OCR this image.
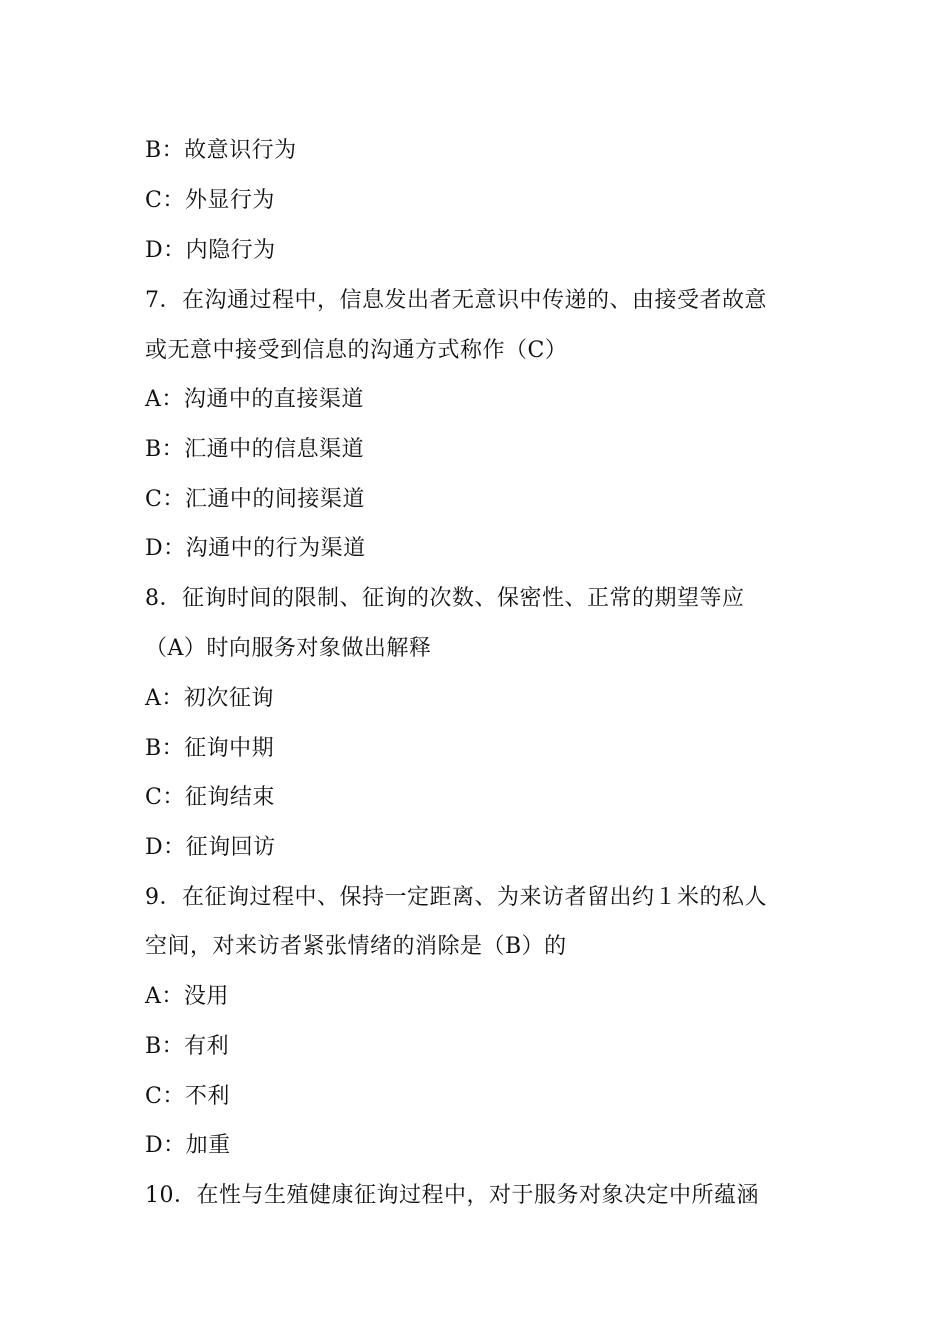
B：故意识行为
C：外显行为
D：内隐行为
7．在沟通过程中，信息发出者无意识中传递的、由接受者故意
或无意中接受到信息的沟通方式称作（C）
A：沟通中的直接渠道
B：汇通中的信息渠道
C：汇通中的间接渠道
D：沟通中的行为渠道
8．征询时间的限制、征询的次数、保密性、正常的期望等应
（A）时向服务对象做出解释
A：初次征询
B：征询中期
C：征询结束
D：征询回访
9．在征询过程中、保持一定距离、为来访者留出约１米的私人
空间，对来访者紧张情绪的消除是（B）的
A：没用
B：有利
C：不利
D：加重
10．在性与生殖健康征询过程中，对于服务对象决定中所蕴涵
